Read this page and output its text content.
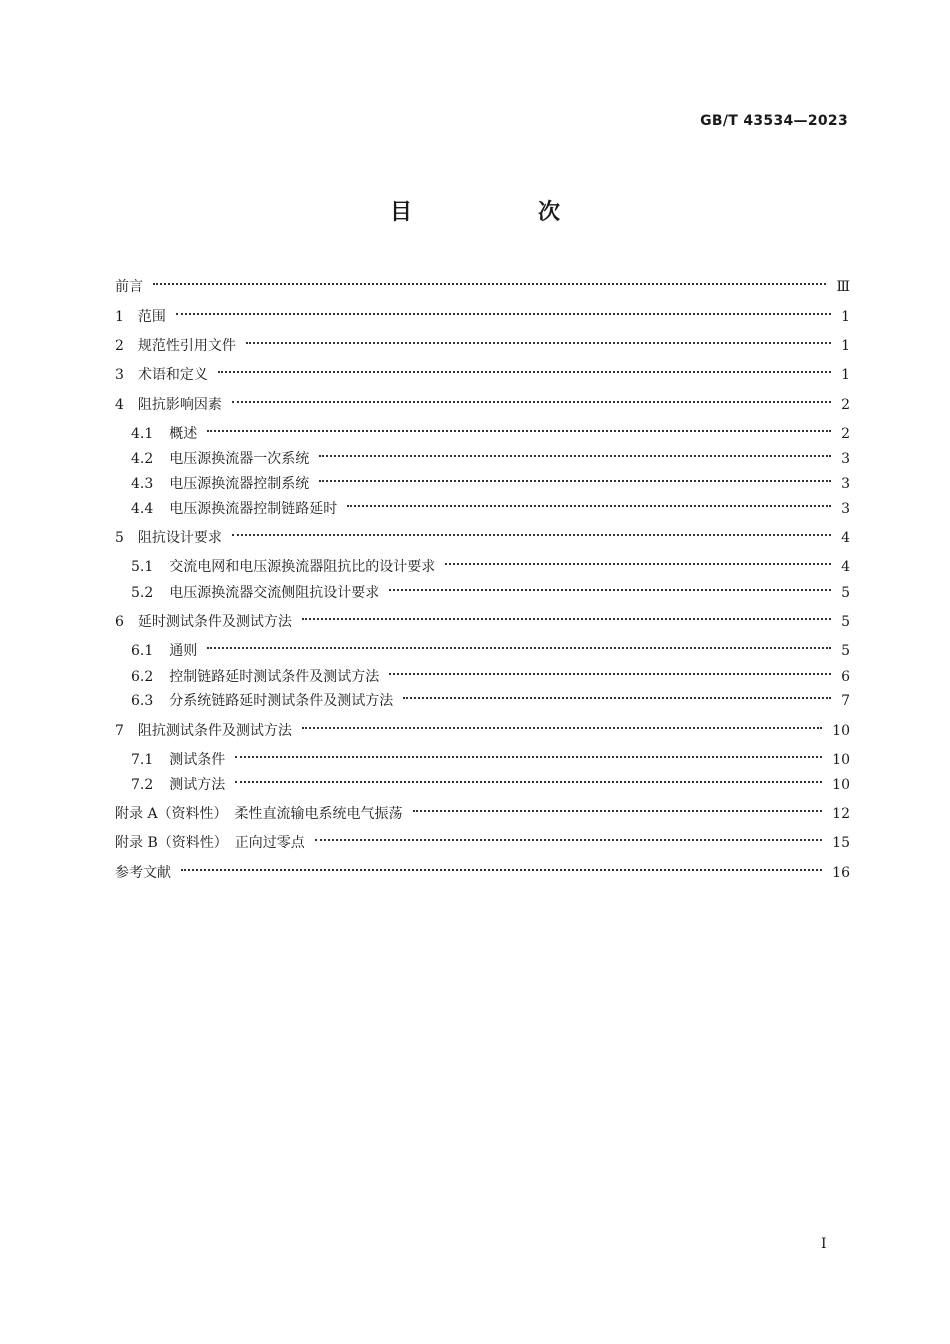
GB/T 43534—2023
目　次
前言	Ⅲ
1 范围	1
2 规范性引用文件	1
3 术语和定义	1
4 阻抗影响因素	2
4.1 概述	2
4.2 电压源换流器一次系统	3
4.3 电压源换流器控制系统	3
4.4 电压源换流器控制链路延时	3
5 阻抗设计要求	4
5.1 交流电网和电压源换流器阻抗比的设计要求	4
5.2 电压源换流器交流侧阻抗设计要求	5
6 延时测试条件及测试方法	5
6.1 通则	5
6.2 控制链路延时测试条件及测试方法	6
6.3 分系统链路延时测试条件及测试方法	7
7 阻抗测试条件及测试方法	10
7.1 测试条件	10
7.2 测试方法	10
附录 A（资料性）　柔性直流输电系统电气振荡	12
附录 B（资料性）　正向过零点	15
参考文献	16
I
